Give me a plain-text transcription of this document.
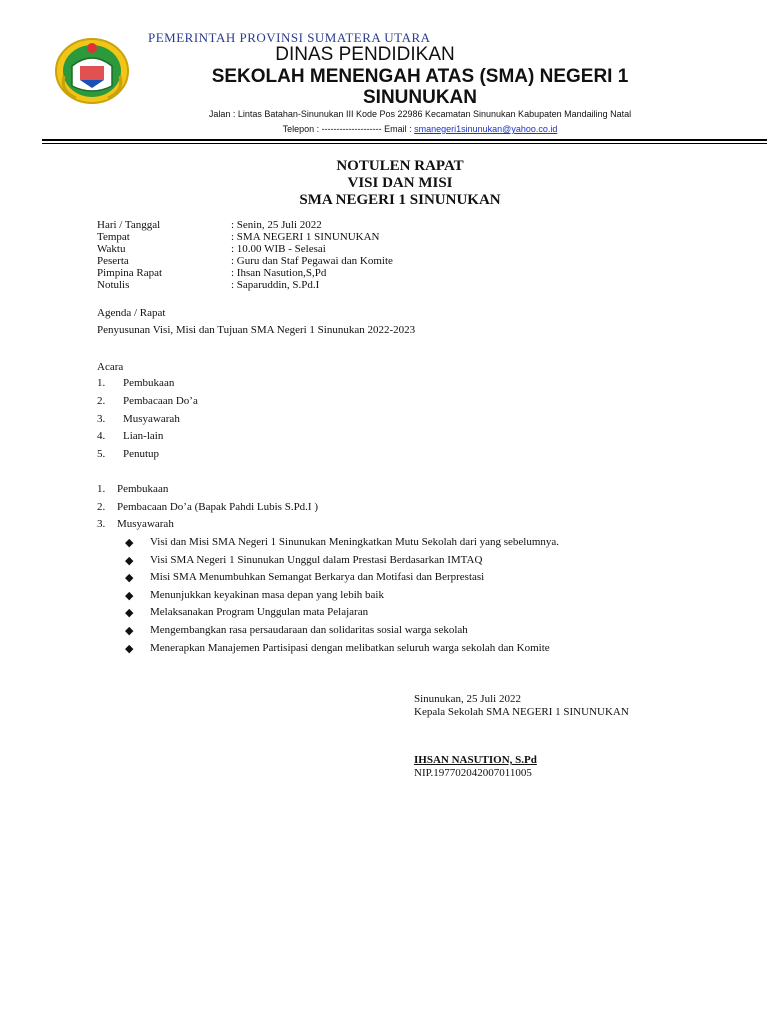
PEMERINTAH PROVINSI SUMATERA UTARA
DINAS PENDIDIKAN
SEKOLAH MENENGAH ATAS (SMA) NEGERI 1
SINUNUKAN
Jalan : Lintas Batahan-Sinunukan III Kode Pos 22986 Kecamatan Sinunukan Kabupaten Mandailing Natal
Telepon : -------------------- Email : smanegeri1sinunukan@yahoo.co.id
NOTULEN RAPAT
VISI DAN MISI
SMA NEGERI 1 SINUNUKAN
Hari / Tanggal	: Senin, 25 Juli 2022
Tempat	: SMA NEGERI 1 SINUNUKAN
Waktu	: 10.00 WIB - Selesai
Peserta	: Guru dan Staf Pegawai dan Komite
Pimpina Rapat	: Ihsan Nasution,S,Pd
Notulis	: Saparuddin, S.Pd.I
Agenda / Rapat
Penyusunan Visi, Misi dan Tujuan SMA Negeri 1 Sinunukan 2022-2023
Acara
1. Pembukaan
2. Pembacaan Do’a
3. Musyawarah
4. Lian-lain
5. Penutup
1. Pembukaan
2. Pembacaan Do’a (Bapak Pahdi Lubis S.Pd.I )
3. Musyawarah
◆ Visi dan Misi SMA Negeri 1 Sinunukan Meningkatkan Mutu Sekolah dari yang sebelumnya.
◆ Visi SMA Negeri 1 Sinunukan Unggul dalam Prestasi Berdasarkan IMTAQ
◆ Misi SMA Menumbuhkan Semangat Berkarya dan Motifasi dan Berprestasi
◆ Menunjukkan keyakinan masa depan yang lebih baik
◆ Melaksanakan Program Unggulan mata Pelajaran
◆ Mengembangkan rasa persaudaraan dan solidaritas sosial warga sekolah
◆ Menerapkan Manajemen Partisipasi dengan melibatkan seluruh warga sekolah dan Komite
Sinunukan, 25 Juli 2022
Kepala Sekolah SMA NEGERI 1 SINUNUKAN
IHSAN NASUTION, S.Pd
NIP.197702042007011005
